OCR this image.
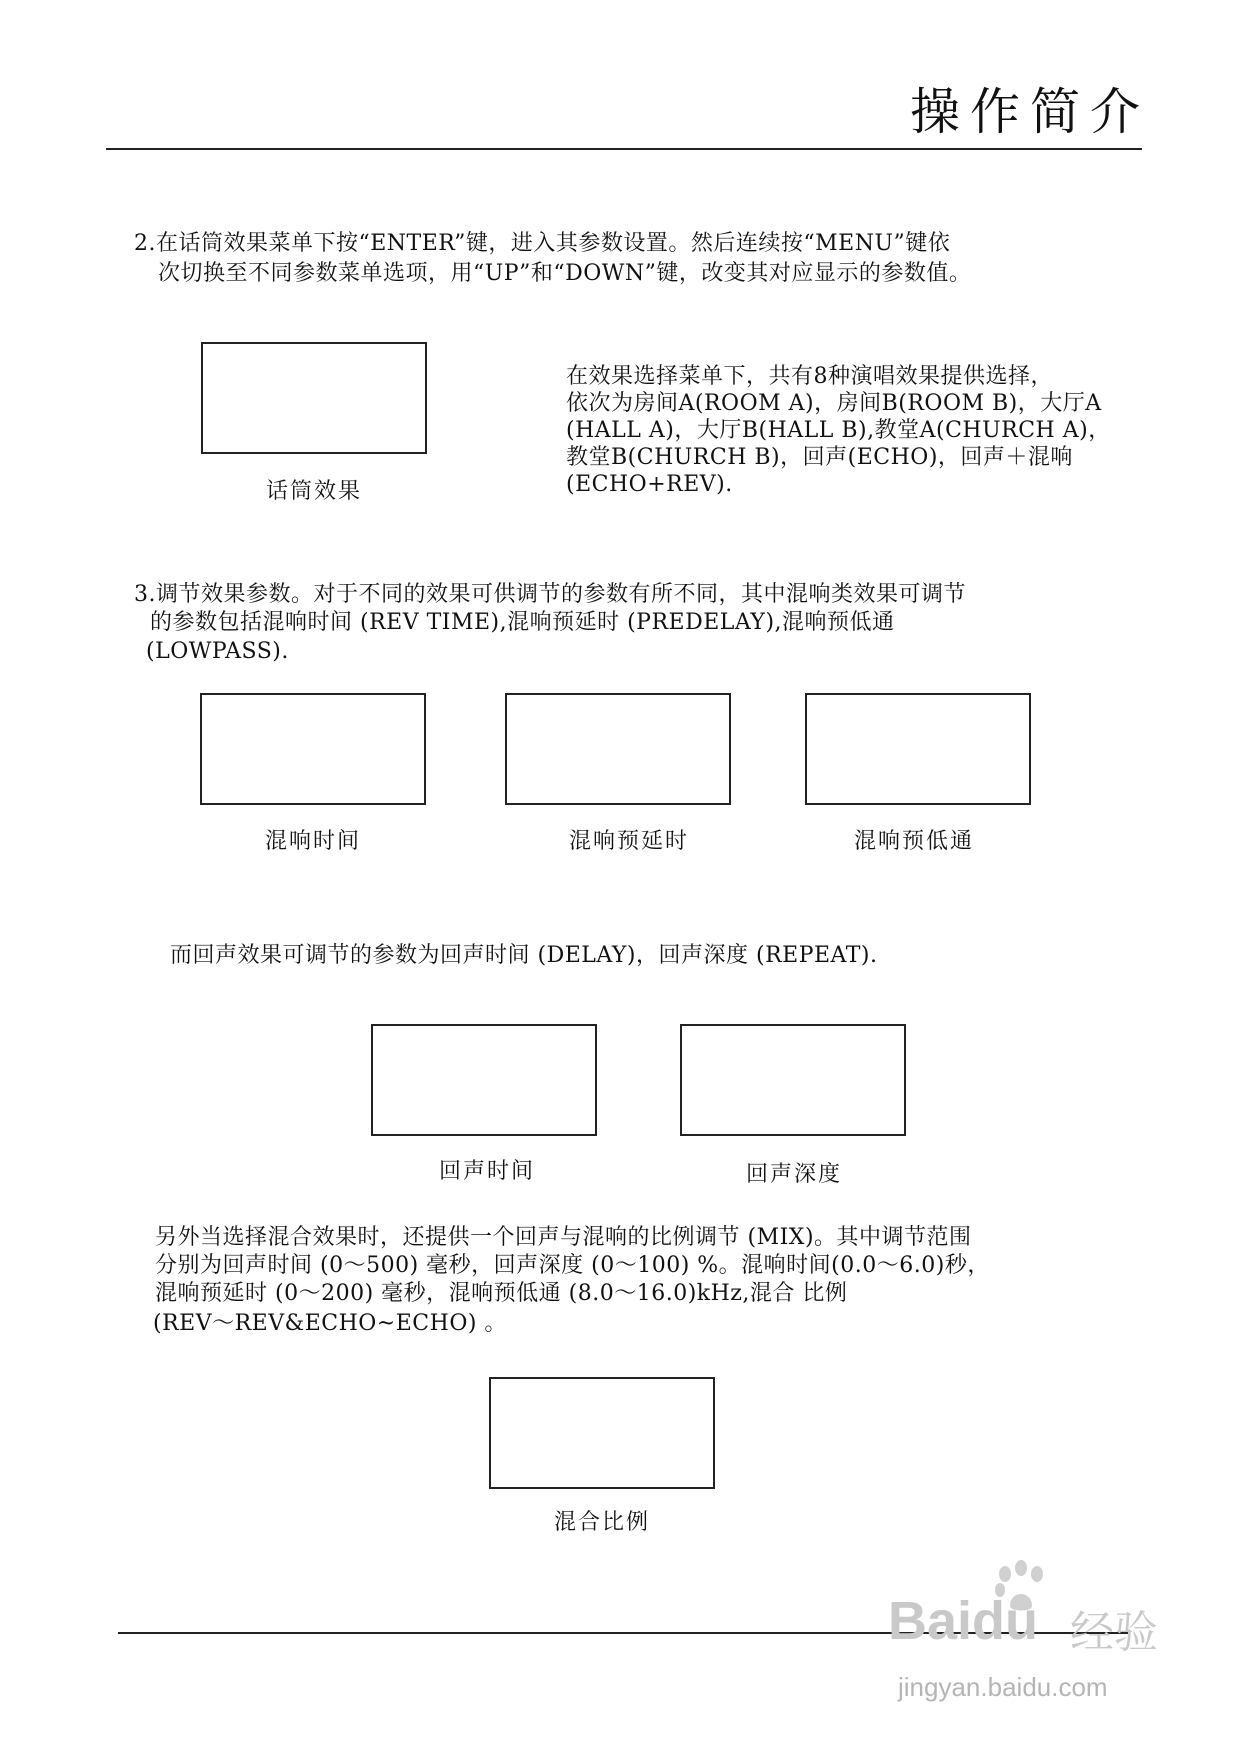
操作简介
2.在话筒效果菜单下按“ENTER”键，进入其参数设置。然后连续按“MENU”键依
次切换至不同参数菜单选项，用“UP”和“DOWN”键，改变其对应显示的参数值。
话筒效果
在效果选择菜单下，共有8种演唱效果提供选择，
依次为房间A(ROOM A)，房间B(ROOM B)，大厅A
(HALL A)，大厅B(HALL B),教堂A(CHURCH A)，
教堂B(CHURCH B)，回声(ECHO)，回声＋混响
(ECHO+REV).
3.调节效果参数。对于不同的效果可供调节的参数有所不同，其中混响类效果可调节
的参数包括混响时间 (REV TIME),混响预延时 (PREDELAY),混响预低通
(LOWPASS).
混响时间	混响预延时	混响预低通
而回声效果可调节的参数为回声时间 (DELAY)，回声深度 (REPEAT).
回声时间	回声深度
另外当选择混合效果时，还提供一个回声与混响的比例调节 (MIX)。其中调节范围
分别为回声时间 (0～500) 毫秒，回声深度 (0～100) %。混响时间(0.0～6.0)秒，
混响预延时 (0～200) 毫秒，混响预低通 (8.0～16.0)kHz,混合 比例
(REV～REV&ECHO~ECHO) 。
混合比例
Baidu 经验
jingyan.baidu.com
